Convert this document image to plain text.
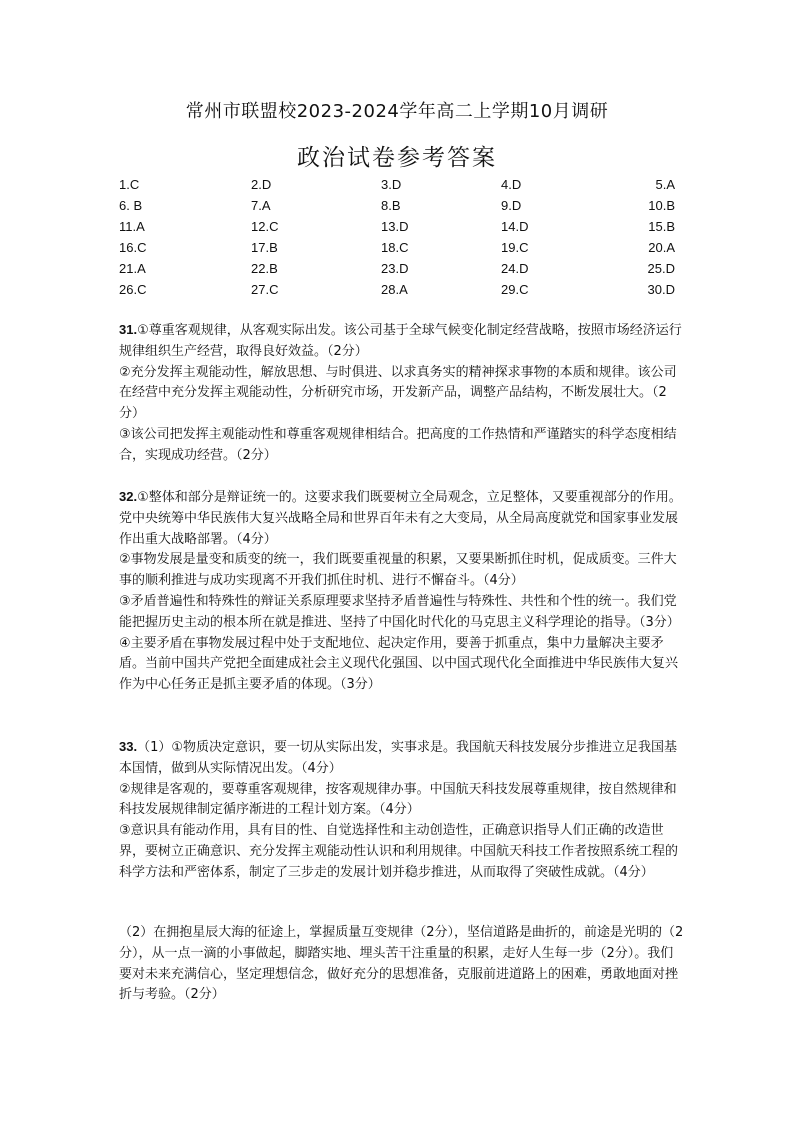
常州市联盟校2023-2024学年高二上学期10月调研
政治试卷参考答案
1.C	2.D	3.D	4.D	5.A
6. B	7.A	8.B	9.D	10.B
11.A	12.C	13.D	14.D	15.B
16.C	17.B	18.C	19.C	20.A
21.A	22.B	23.D	24.D	25.D
26.C	27.C	28.A	29.C	30.D

31.①尊重客观规律，从客观实际出发。该公司基于全球气候变化制定经营战略，按照市场经济运行规律组织生产经营，取得良好效益。（2分）

②充分发挥主观能动性，解放思想、与时俱进、以求真务实的精神探求事物的本质和规律。该公司在经营中充分发挥主观能动性，分析研究市场，开发新产品，调整产品结构，不断发展壮大。（2分）

③该公司把发挥主观能动性和尊重客观规律相结合。把高度的工作热情和严谨踏实的科学态度相结合，实现成功经营。（2分）

32.①整体和部分是辩证统一的。这要求我们既要树立全局观念，立足整体，又要重视部分的作用。党中央统筹中华民族伟大复兴战略全局和世界百年未有之大变局，从全局高度就党和国家事业发展作出重大战略部署。（4分）

②事物发展是量变和质变的统一，我们既要重视量的积累，又要果断抓住时机，促成质变。三件大事的顺利推进与成功实现离不开我们抓住时机、进行不懈奋斗。（4分）

③矛盾普遍性和特殊性的辩证关系原理要求坚持矛盾普遍性与特殊性、共性和个性的统一。我们党能把握历史主动的根本所在就是推进、坚持了中国化时代化的马克思主义科学理论的指导。（3分）

④主要矛盾在事物发展过程中处于支配地位、起决定作用，要善于抓重点，集中力量解决主要矛盾。当前中国共产党把全面建成社会主义现代化强国、以中国式现代化全面推进中华民族伟大复兴作为中心任务正是抓主要矛盾的体现。（3分）

33.（1）①物质决定意识，要一切从实际出发，实事求是。我国航天科技发展分步推进立足我国基本国情，做到从实际情况出发。（4分）

②规律是客观的，要尊重客观规律，按客观规律办事。中国航天科技发展尊重规律，按自然规律和科技发展规律制定循序渐进的工程计划方案。（4分）

③意识具有能动作用，具有目的性、自觉选择性和主动创造性，正确意识指导人们正确的改造世界，要树立正确意识、充分发挥主观能动性认识和利用规律。中国航天科技工作者按照系统工程的科学方法和严密体系，制定了三步走的发展计划并稳步推进，从而取得了突破性成就。（4分）

（2）在拥抱星辰大海的征途上，掌握质量互变规律（2分），坚信道路是曲折的，前途是光明的（2分），从一点一滴的小事做起，脚踏实地、埋头苦干注重量的积累，走好人生每一步（2分）。我们要对未来充满信心，坚定理想信念，做好充分的思想准备，克服前进道路上的困难，勇敢地面对挫折与考验。（2分）
